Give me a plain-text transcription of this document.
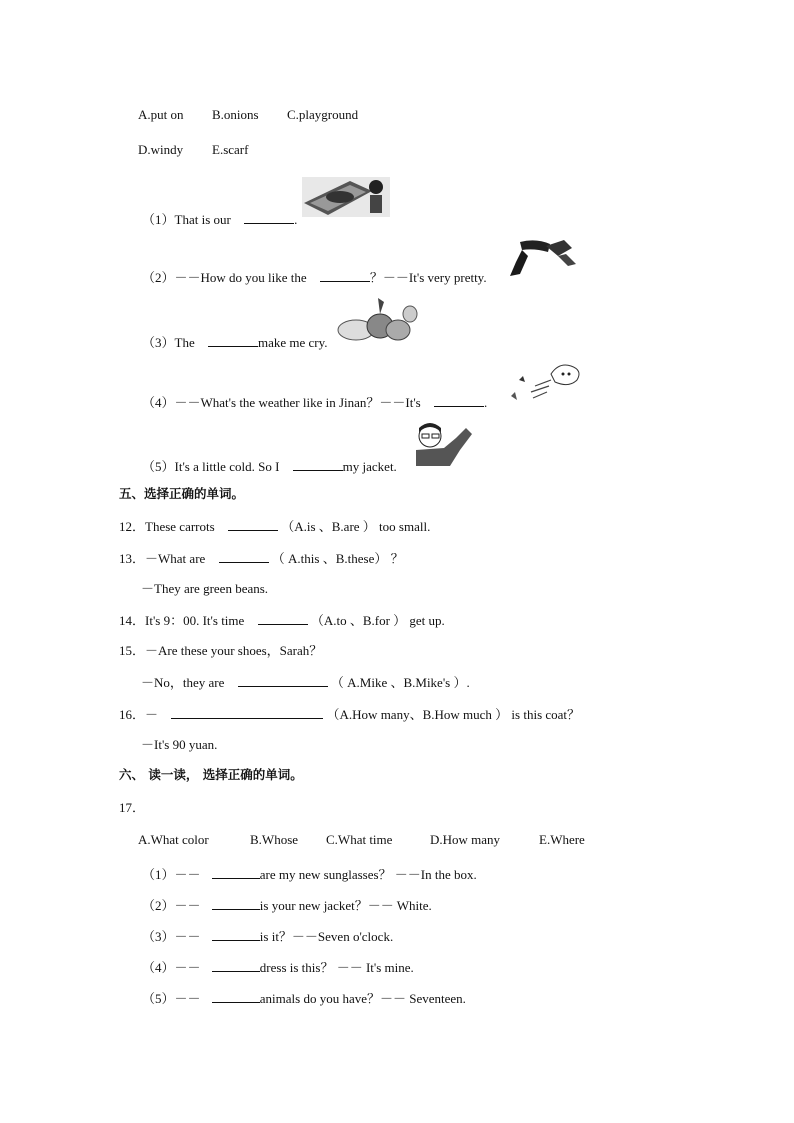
A.put on B.onions C.playground
D.windy E.scarf
（1）That is our	.
（2）－－How do you like the	？－－It's very pretty.
（3）The	make me cry.
（4）－－What's the weather like in Jinan？－－It's	.
（5）It's a little cold. So I	my jacket.
五、选择正确的单词。
12．These carrots	（A.is 、B.are ） too small.
13．－What are	（ A.this 、B.these） ？
－They are green beans.
14．It's 9：00. It's time	（A.to 、B.for ） get up.
15．－Are these your shoes，Sarah？
－No，they are	（ A.Mike 、B.Mike's ）.
16．－	（A.How many、B.How much ） is this coat？
－It's 90 yuan.
六、 读一读， 选择正确的单词。
17．
A.What color	B.Whose C.What time	D.How many	E.Where
（1）－－	are my new sunglasses？ －－In the box.
（2）－－	is your new jacket？－－ White.
（3）－－	is it？－－Seven o'clock.
（4）－－	dress is this？ －－ It's mine.
（5）－－	animals do you have？－－ Seventeen.
